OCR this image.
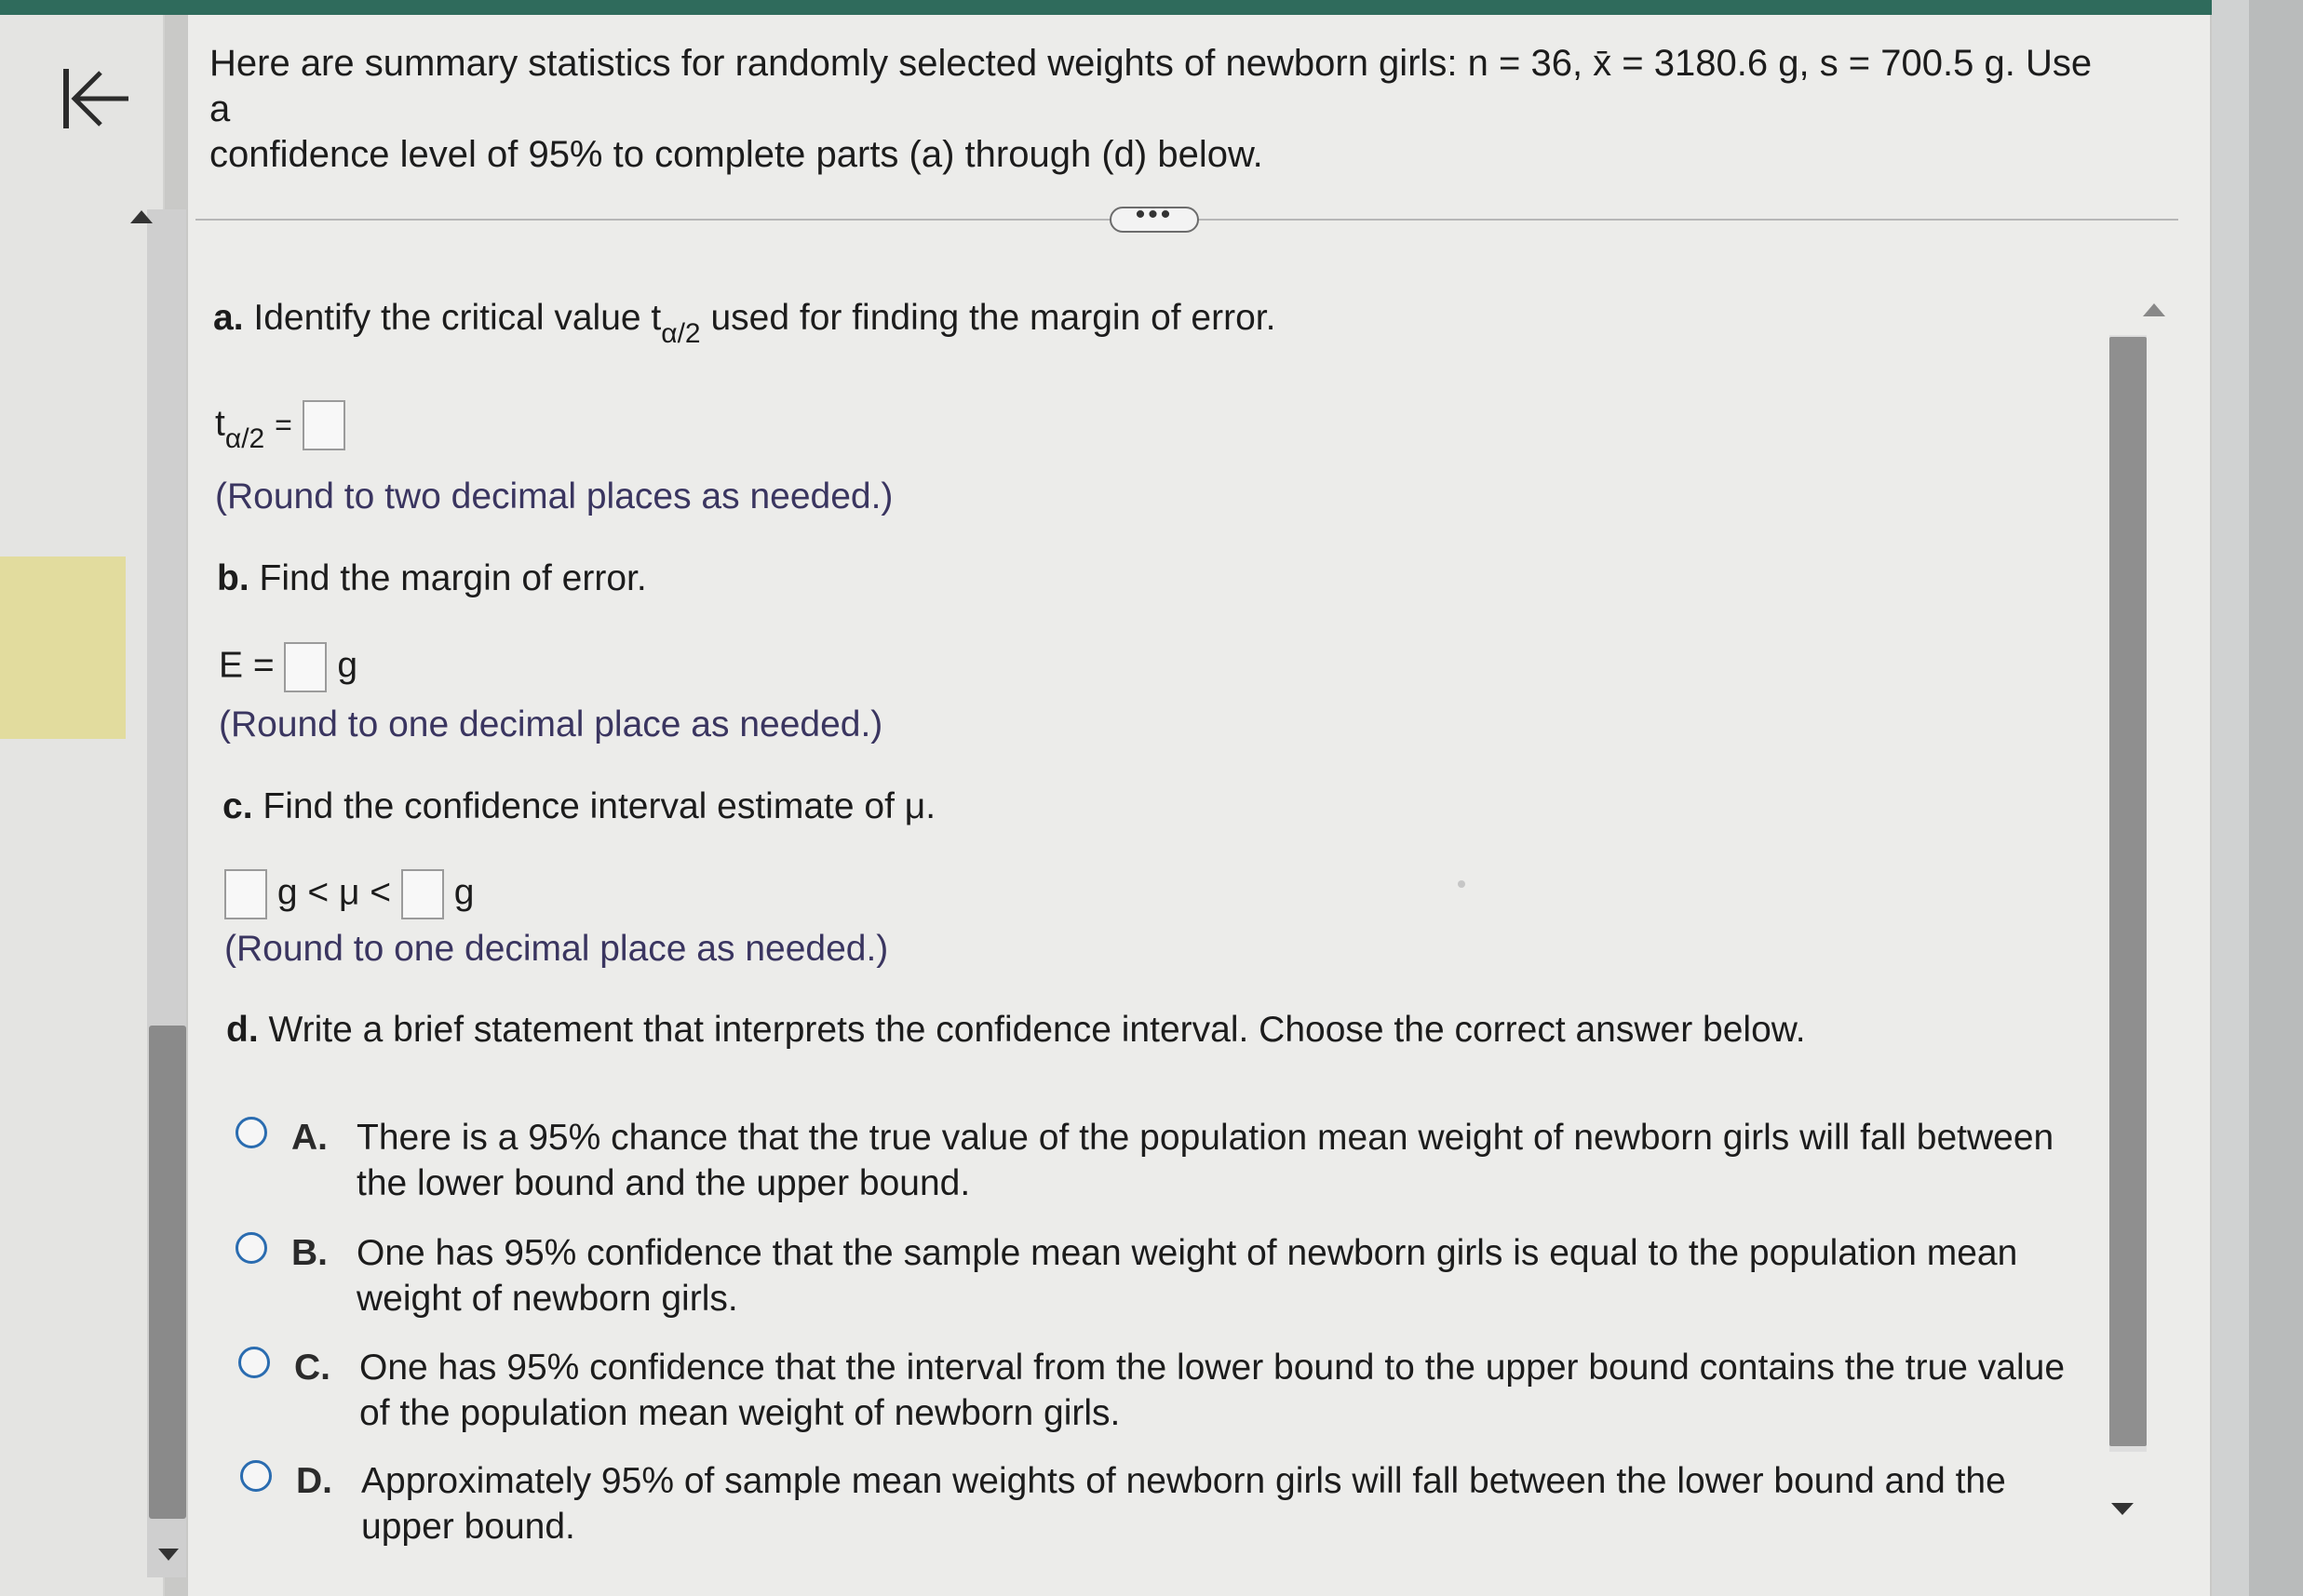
Here are summary statistics for randomly selected weights of newborn girls: n = 36, x̄ = 3180.6 g, s = 700.5 g. Use a
confidence level of 95% to complete parts (a) through (d) below.
•••
a. Identify the critical value $t_{\alpha/2}$ used for finding the margin of error.
$t_{\alpha/2}$ =
(Round to two decimal places as needed.)
b. Find the margin of error.
E = g
(Round to one decimal place as needed.)
c. Find the confidence interval estimate of μ.
g < μ < g
(Round to one decimal place as needed.)
d. Write a brief statement that interprets the confidence interval. Choose the correct answer below.
A. There is a 95% chance that the true value of the population mean weight of newborn girls will fall between
the lower bound and the upper bound.
B. One has 95% confidence that the sample mean weight of newborn girls is equal to the population mean
weight of newborn girls.
C. One has 95% confidence that the interval from the lower bound to the upper bound contains the true value
of the population mean weight of newborn girls.
D. Approximately 95% of sample mean weights of newborn girls will fall between the lower bound and the
upper bound.
